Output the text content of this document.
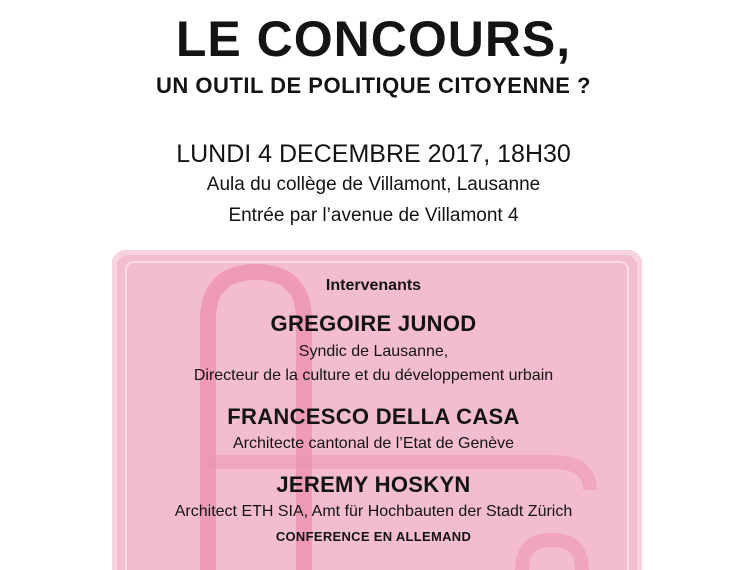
LE CONCOURS,
UN OUTIL DE POLITIQUE CITOYENNE ?
LUNDI 4 DECEMBRE 2017, 18H30
Aula du collège de Villamont, Lausanne
Entrée par l’avenue de Villamont 4
Intervenants
GREGOIRE JUNOD
Syndic de Lausanne,
Directeur de la culture et du développement urbain
FRANCESCO DELLA CASA
Architecte cantonal de l’Etat de Genève
JEREMY HOSKYN
Architect ETH SIA, Amt für Hochbauten der Stadt Zürich
CONFERENCE EN ALLEMAND
